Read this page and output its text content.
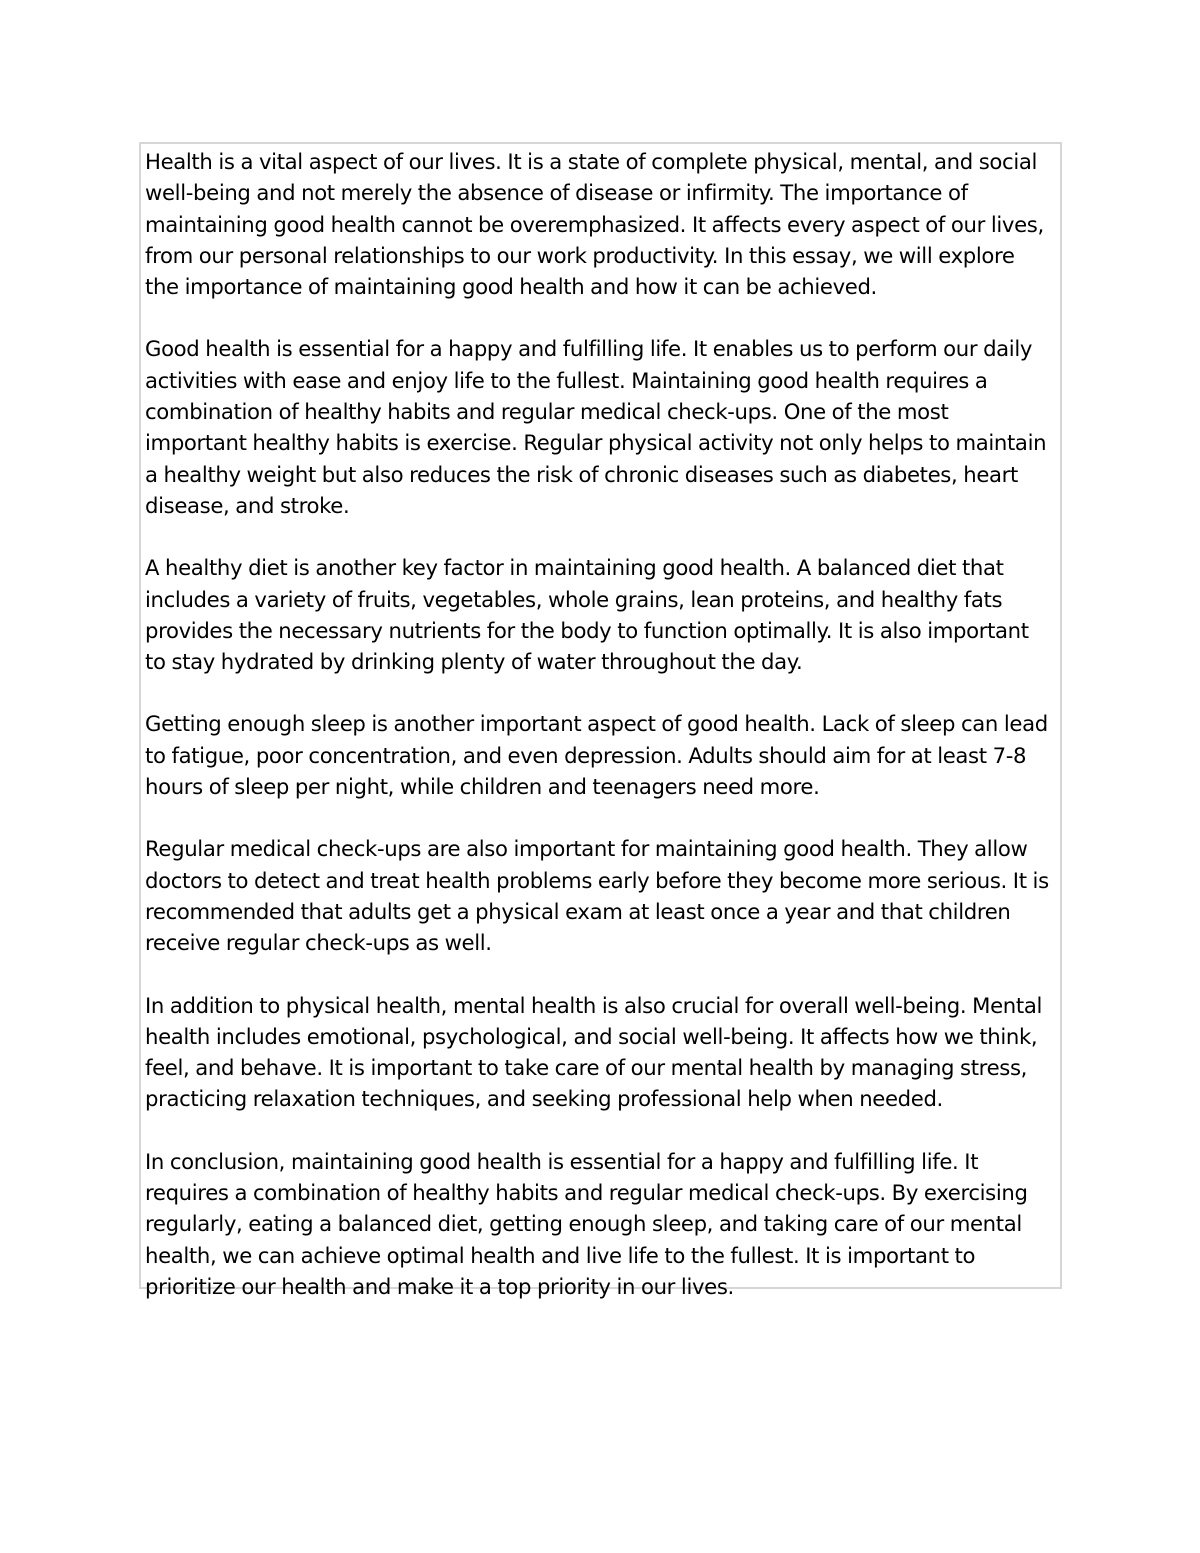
Health is a vital aspect of our lives. It is a state of complete physical, mental, and social
well-being and not merely the absence of disease or infirmity. The importance of
maintaining good health cannot be overemphasized. It affects every aspect of our lives,
from our personal relationships to our work productivity. In this essay, we will explore
the importance of maintaining good health and how it can be achieved.

Good health is essential for a happy and fulfilling life. It enables us to perform our daily
activities with ease and enjoy life to the fullest. Maintaining good health requires a
combination of healthy habits and regular medical check-ups. One of the most
important healthy habits is exercise. Regular physical activity not only helps to maintain
a healthy weight but also reduces the risk of chronic diseases such as diabetes, heart
disease, and stroke.

A healthy diet is another key factor in maintaining good health. A balanced diet that
includes a variety of fruits, vegetables, whole grains, lean proteins, and healthy fats
provides the necessary nutrients for the body to function optimally. It is also important
to stay hydrated by drinking plenty of water throughout the day.

Getting enough sleep is another important aspect of good health. Lack of sleep can lead
to fatigue, poor concentration, and even depression. Adults should aim for at least 7-8
hours of sleep per night, while children and teenagers need more.

Regular medical check-ups are also important for maintaining good health. They allow
doctors to detect and treat health problems early before they become more serious. It is
recommended that adults get a physical exam at least once a year and that children
receive regular check-ups as well.

In addition to physical health, mental health is also crucial for overall well-being. Mental
health includes emotional, psychological, and social well-being. It affects how we think,
feel, and behave. It is important to take care of our mental health by managing stress,
practicing relaxation techniques, and seeking professional help when needed.

In conclusion, maintaining good health is essential for a happy and fulfilling life. It
requires a combination of healthy habits and regular medical check-ups. By exercising
regularly, eating a balanced diet, getting enough sleep, and taking care of our mental
health, we can achieve optimal health and live life to the fullest. It is important to
prioritize our health and make it a top priority in our lives.
